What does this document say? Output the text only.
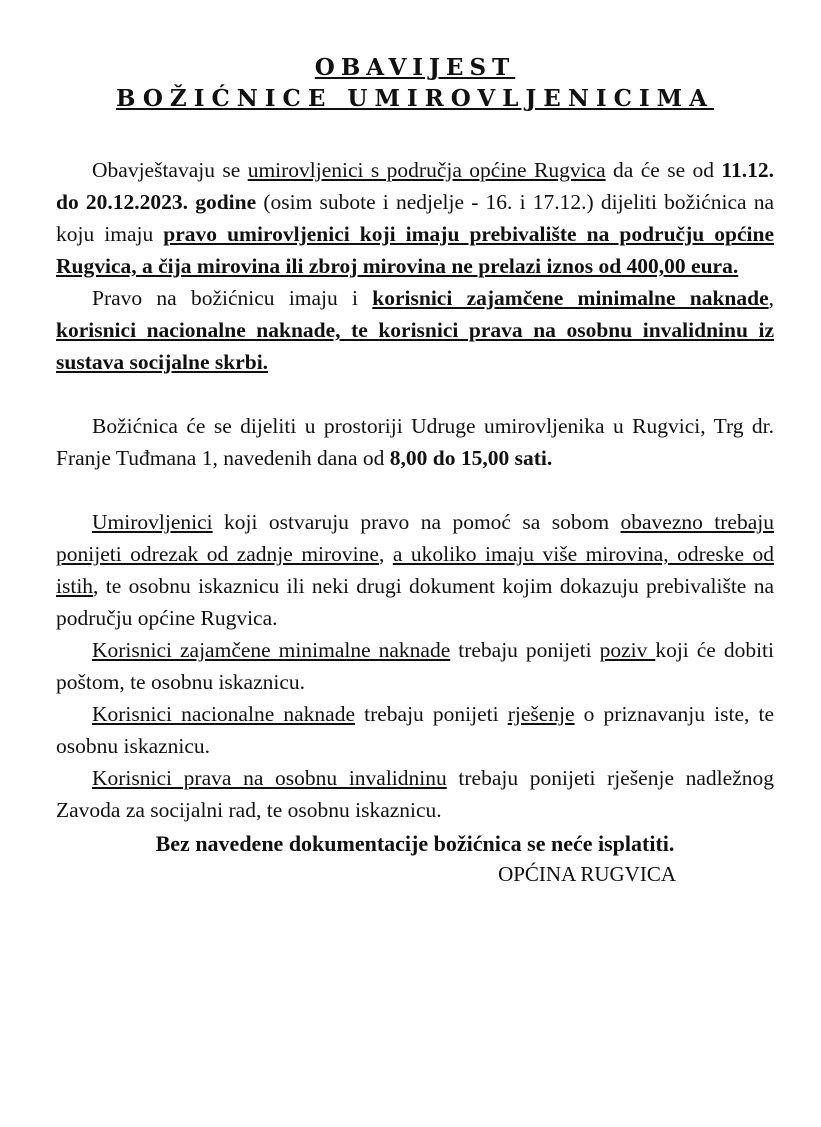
OBAVIJEST
BOŽIĆNICE UMIROVLJENICIMA

Obavještavaju se umirovljenici s područja općine Rugvica da će se od 11.12. do 20.12.2023. godine (osim subote i nedjelje - 16. i 17.12.) dijeliti božićnica na koju imaju pravo umirovljenici koji imaju prebivalište na području općine Rugvica, a čija mirovina ili zbroj mirovina ne prelazi iznos od 400,00 eura.

Pravo na božićnicu imaju i korisnici zajamčene minimalne naknade, korisnici nacionalne naknade, te korisnici prava na osobnu invalidninu iz sustava socijalne skrbi.

Božićnica će se dijeliti u prostoriji Udruge umirovljenika u Rugvici, Trg dr. Franje Tuđmana 1, navedenih dana od 8,00 do 15,00 sati.

Umirovljenici koji ostvaruju pravo na pomoć sa sobom obavezno trebaju ponijeti odrezak od zadnje mirovine, a ukoliko imaju više mirovina, odreske od istih, te osobnu iskaznicu ili neki drugi dokument kojim dokazuju prebivalište na području općine Rugvica.

Korisnici zajamčene minimalne naknade trebaju ponijeti poziv koji će dobiti poštom, te osobnu iskaznicu.

Korisnici nacionalne naknade trebaju ponijeti rješenje o priznavanju iste, te osobnu iskaznicu.

Korisnici prava na osobnu invalidninu trebaju ponijeti rješenje nadležnog Zavoda za socijalni rad, te osobnu iskaznicu.

Bez navedene dokumentacije božićnica se neće isplatiti.
OPĆINA RUGVICA
